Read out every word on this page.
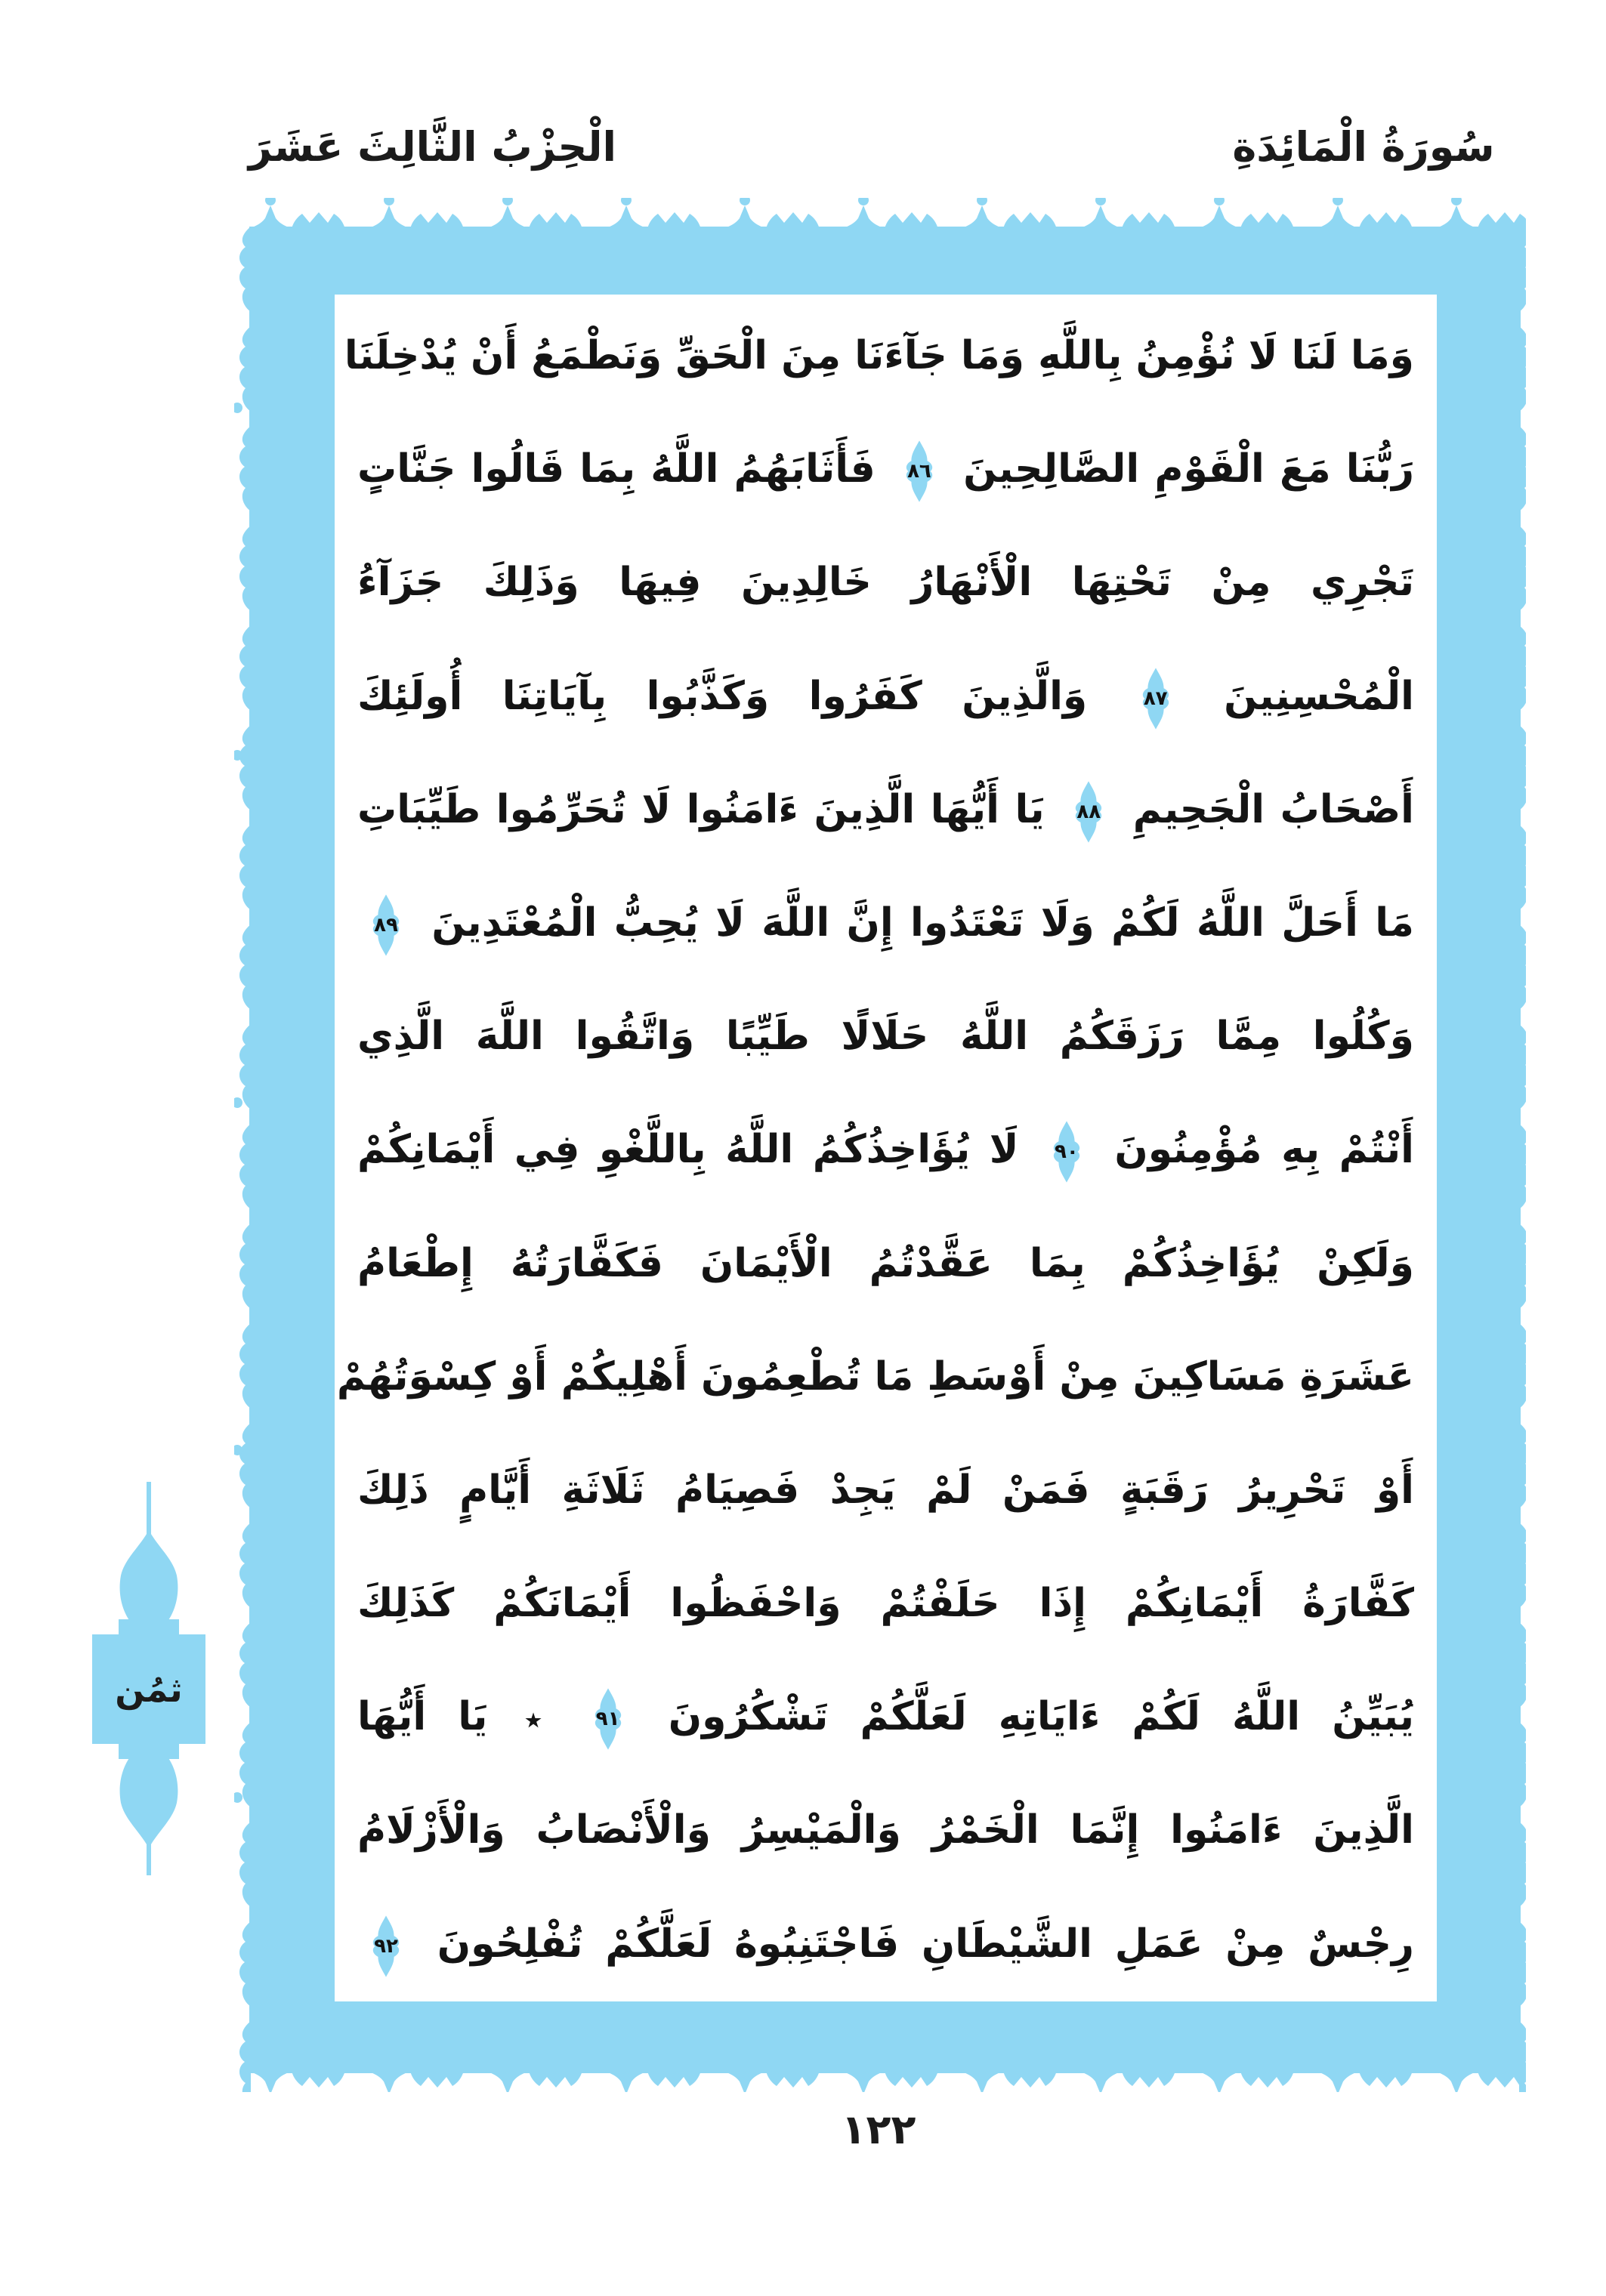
الْحِزْبُ الثَّالِثَ عَشَرَ	سُورَةُ الْمَائِدَةِ
ثمُن
وَمَا لَنَا لَا نُؤْمِنُ بِاللَّهِ وَمَا جَآءَنَا مِنَ الْحَقِّ وَنَطْمَعُ أَنْ يُدْخِلَنَا
رَبُّنَا مَعَ الْقَوْمِ الصَّالِحِينَ
٨٦
فَأَثَابَهُمُ اللَّهُ بِمَا قَالُوا جَنَّاتٍ
تَجْرِي مِنْ تَحْتِهَا الْأَنْهَارُ خَالِدِينَ فِيهَا وَذَلِكَ جَزَآءُ
الْمُحْسِنِينَ
٨٧
وَالَّذِينَ كَفَرُوا وَكَذَّبُوا بِآيَاتِنَا أُولَئِكَ
أَصْحَابُ الْجَحِيمِ
٨٨
يَا أَيُّهَا الَّذِينَ ءَامَنُوا لَا تُحَرِّمُوا طَيِّبَاتِ
مَا أَحَلَّ اللَّهُ لَكُمْ وَلَا تَعْتَدُوا إِنَّ اللَّهَ لَا يُحِبُّ الْمُعْتَدِينَ
٨٩
وَكُلُوا مِمَّا رَزَقَكُمُ اللَّهُ حَلَالًا طَيِّبًا وَاتَّقُوا اللَّهَ الَّذِي
أَنْتُمْ بِهِ مُؤْمِنُونَ
٩٠
لَا يُؤَاخِذُكُمُ اللَّهُ بِاللَّغْوِ فِي أَيْمَانِكُمْ
وَلَكِنْ يُؤَاخِذُكُمْ بِمَا عَقَّدْتُمُ الْأَيْمَانَ فَكَفَّارَتُهُ إِطْعَامُ
عَشَرَةِ مَسَاكِينَ مِنْ أَوْسَطِ مَا تُطْعِمُونَ أَهْلِيكُمْ أَوْ كِسْوَتُهُمْ
أَوْ تَحْرِيرُ رَقَبَةٍ فَمَنْ لَمْ يَجِدْ فَصِيَامُ ثَلَاثَةِ أَيَّامٍ ذَلِكَ
كَفَّارَةُ أَيْمَانِكُمْ إِذَا حَلَفْتُمْ وَاحْفَظُوا أَيْمَانَكُمْ كَذَلِكَ
يُبَيِّنُ اللَّهُ لَكُمْ ءَايَاتِهِ لَعَلَّكُمْ تَشْكُرُونَ
٩١
٭ يَا أَيُّهَا
الَّذِينَ ءَامَنُوا إِنَّمَا الْخَمْرُ وَالْمَيْسِرُ وَالْأَنْصَابُ وَالْأَزْلَامُ
رِجْسٌ مِنْ عَمَلِ الشَّيْطَانِ فَاجْتَنِبُوهُ لَعَلَّكُمْ تُفْلِحُونَ
٩٢
١٢٢
